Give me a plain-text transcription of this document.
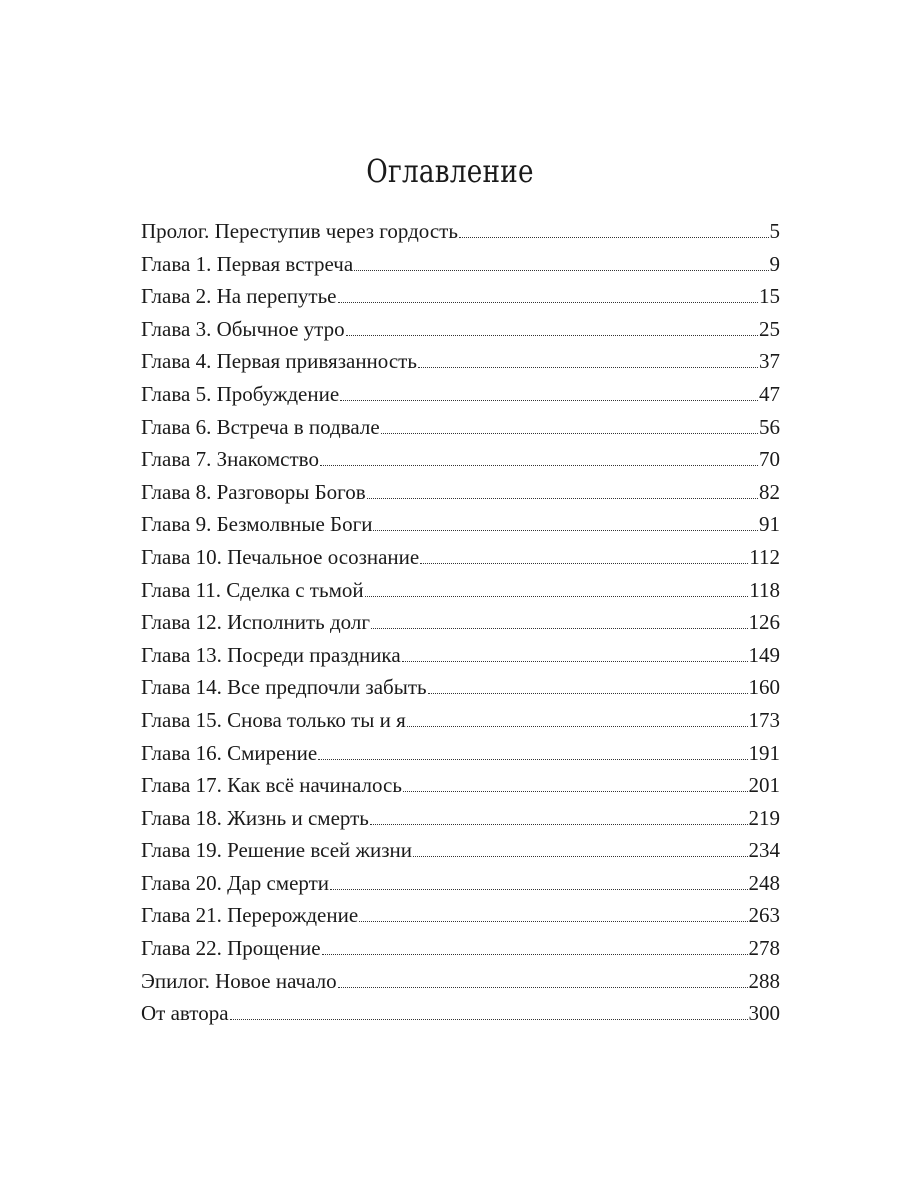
Оглавление
Пролог. Переступив через гордость	5
Глава 1. Первая встреча	9
Глава 2. На перепутье	15
Глава 3. Обычное утро	25
Глава 4. Первая привязанность	37
Глава 5. Пробуждение	47
Глава 6. Встреча в подвале	56
Глава 7. Знакомство	70
Глава 8. Разговоры Богов	82
Глава 9. Безмолвные Боги	91
Глава 10. Печальное осознание	112
Глава 11. Сделка с тьмой	118
Глава 12. Исполнить долг	126
Глава 13. Посреди праздника	149
Глава 14. Все предпочли забыть	160
Глава 15. Снова только ты и я	173
Глава 16. Смирение	191
Глава 17. Как всё начиналось	201
Глава 18. Жизнь и смерть	219
Глава 19. Решение всей жизни	234
Глава 20. Дар смерти	248
Глава 21. Перерождение	263
Глава 22. Прощение	278
Эпилог. Новое начало	288
От автора	300
